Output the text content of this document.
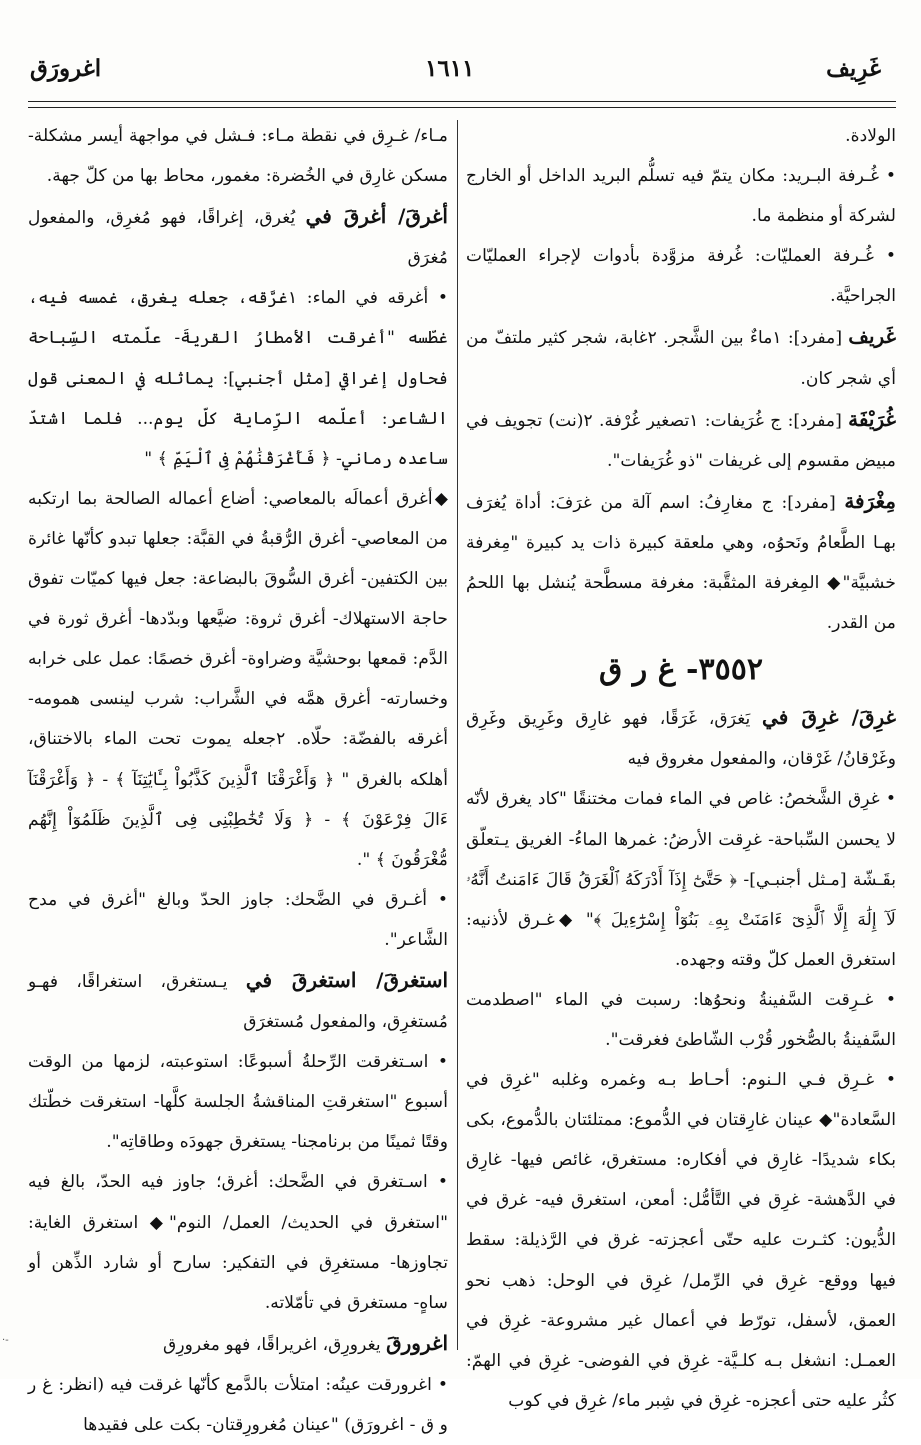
غَرِيف
١٦١١
اغرورَق

الولادة.

• غُـرفة البـريد: مكان يتمّ فيه تسلُّم البريد الداخل أو الخارج لشركة أو منظمة ما.

• غُـرفة العمليّات: غُرفة مزوَّدة بأدوات لإجراء العمليّات الجراحيَّة.

غَريف [مفرد]: ١ماءٌ بين الشَّجر. ٢غابة، شجر كثير ملتفّ من أي شجر كان.

غُرَيْفَة [مفرد]: ج غُرَيفات: ١تصغير غُرْفة. ٢(نت) تجويف في مبيض مقسوم إلى غريفات "ذو غُرَيفات".

مِغْرَفة [مفرد]: ج مغارِفُ: اسم آلة من غرَفَ: أداة يُغرَف بهـا الطَّعامُ ونَحوُه، وهي ملعقة كبيرة ذات يد كبيرة "مِغرفة خشبيَّة"◆ المِغرفة المثقَّبة: مغرفة مسطَّحة يُنشل بها اللحمُ من القدر.

٣٥٥٢- غ ر ق

غرِقَ/ غرِقَ في يَغرَق، غَرَقًا، فهو غارِق وغَرِيق وغَرِق وغَرْقانُ/ غَرْقان، والمفعول مغروق فيه

• غرِق الشَّخصُ: غاص في الماء فمات مختنقًا "كاد يغرق لأنّه لا يحسن السِّباحة- غرِقت الأرضُ: غمرها الماءُ- الغريق يـتعلّق بقَـشّة [مـثل أجنبـي]- ﴿ حَتَّىٰٓ إِذَآ أَدْرَكَهُ ٱلْغَرَقُ قَالَ ءَامَنتُ أَنَّهُۥ لَآ إِلَٰهَ إِلَّا ٱلَّذِىٓ ءَامَنَتْ بِهِۦ بَنُوٓاْ إِسْرَٰٓءِيلَ ﴾" ◆غـرق لأذنيه: استغرق العمل كلّ وقته وجهده.

• غـرِقت السَّفينةُ ونحوُها: رسبت في الماء "اصطدمت السَّفينةُ بالصُّخور قُرْب الشّاطئ فغرقت".

• غـرِق فـي الـنوم: أحـاط بـه وغمره وغلبه "غرِق في السَّعادة"◆ عينان غارِقتان في الدُّموع: ممتلئتان بالدُّموع، بكى بكاء شديدًا- غارِق في أفكاره: مستغرق، غائص فيها- غارِق في الدَّهشة- غرِق في التَّأمُّل: أمعن، استغرق فيه- غرق في الدُّيون: كثـرت عليه حتّى أعجزته- غرق في الرَّذيلة: سقط فيها ووقع- غرِق في الرِّمل/ غرِق في الوحل: ذهب نحو العمق، لأسفل، تورّط في أعمال غير مشروعة- غرِق في العمـل: انشغل بـه كلـيَّة- غرِق في الفوضى- غرِق في الهمّ: كثُر عليه حتى أعجزه- غرِق في شِبر ماء/ غرِق في كوب

مـاء/ غـرِق في نقطة مـاء: فـشل في مواجهة أيسر مشكلة- مسكن غارِق في الخُضرة: مغمور، محاط بها من كلّ جهة.

أغرقَ/ أغرقَ في يُغرق، إغراقًا، فهو مُغرِق، والمفعول مُغرَق

• أغرقه في الماء: ١غرَّقه، جعله يغرق، غمسه فيه، غطّسه "أغرقت الأمطارُ القريةَ- علّمته السِّباحة فحاول إغراقي [مثل أجنبي]: يماثله في المعنى قول الشاعر: أعلّمه الرِّماية كلّ يوم... فلما اشتدّ ساعده رماني- ﴿ فَأَغْرَقْنَٰهُمْ فِى ٱلْيَمِّ ﴾ "

◆أغرق أعمالَه بالمعاصي: أضاع أعماله الصالحة بما ارتكبه من المعاصي- أغرق الرُّقبةُ في القبَّة: جعلها تبدو كأنّها غائرة بين الكتفين- أغرق السُّوقَ بالبضاعة: جعل فيها كميّات تفوق حاجة الاستهلاك- أغرق ثروة: ضيَّعها وبدّدها- أغرق ثورة في الدَّم: قمعها بوحشيَّة وضراوة- أغرق خصمًا: عمل على خرابه وخسارته- أغرق همَّه في الشَّراب: شرب لينسى همومه- أغرقه بالفضّة: حلّاه. ٢جعله يموت تحت الماء بالاختناق، أهلكه بالغرق " ﴿ وَأَغْرَقْنَا ٱلَّذِينَ كَذَّبُواْ بِـَٔايَٰتِنَآ ﴾ - ﴿ وَأَغْرَقْنَآ ءَالَ فِرْعَوْنَ ﴾ - ﴿ وَلَا تُخَٰطِبْنِى فِى ٱلَّذِينَ ظَلَمُوٓاْ إِنَّهُم مُّغْرَقُونَ ﴾ ".

• أغـرق في الضَّحك: جاوز الحدّ وبالغ "أغرق في مدح الشَّاعر".

استغرقَ/ استغرقَ في يـستغرق، استغراقًا، فهـو مُستغرِق، والمفعول مُستغرَق

• اسـتغرقت الرِّحلةُ أسبوعًا: استوعبته، لزمها من الوقت أسبوع "استغرقتِ المناقشةُ الجلسة كلَّها- استغرقت خطّتك وقتًا ثمينًا من برنامجنا- يستغرق جهودَه وطاقاتِه".

• اسـتغرق في الضَّحك: أغرق؛ جاوز فيه الحدّ، بالغ فيه "استغرق في الحديث/ العمل/ النوم"◆ استغرق الغاية: تجاوزها- مستغرِق في التفكير: سارح أو شارد الذِّهن أو ساهٍ- مستغرق في تأمّلاته.

اغرورقَ يغرورِق، اغريراقًا، فهو مغرورِق

• اغرورقت عينُه: امتلأت بالدَّمع كأنّها غرقت فيه (انظر: غ ر و ق - اغرورَق) "عينان مُغرورِقتان- بكت على فقيدها

·-
